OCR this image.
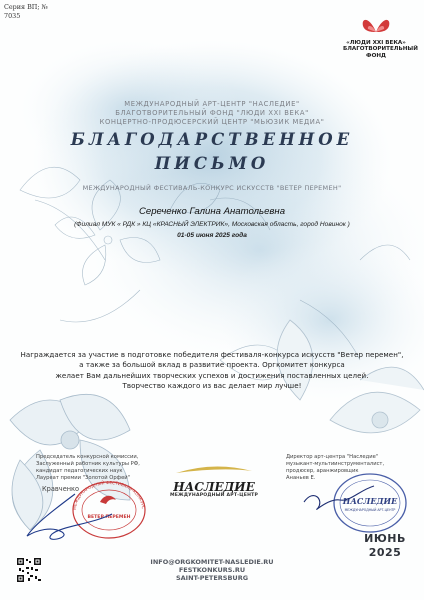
Серия ВП; №
7035
«ЛЮДИ XXI ВЕКА»
БЛАГОТВОРИТЕЛЬНЫЙ
ФОНД
МЕЖДУНАРОДНЫЙ АРТ-ЦЕНТР "НАСЛЕДИЕ"
БЛАГОТВОРИТЕЛЬНЫЙ ФОНД "ЛЮДИ XXI ВЕКА"
КОНЦЕРТНО-ПРОДЮСЕРСКИЙ ЦЕНТР "МЬЮЗИК МЕДИА"
БЛАГОДАРСТВЕННОЕ
ПИСЬМО
МЕЖДУНАРОДНЫЙ ФЕСТИВАЛЬ-КОНКУРС ИСКУССТВ "ВЕТЕР ПЕРЕМЕН"
Сереченко Галина Анатольевна
(Филиал МУК « РДК » КЦ «КРАСНЫЙ ЭЛЕКТРИК», Московская область, город Новинок )
01-05 июня 2025 года
Награждается за участие в подготовке победителя фестиваля-конкурса искусств "Ветер перемен",
а также за большой вклад в развитие проекта. Оргкомитет конкурса
желает Вам дальнейших творческих успехов и достижения поставленных целей.
Творчество каждого из вас делает мир лучше!
Председатель конкурсной комиссии,
Заслуженный работник культуры РФ,
кандидат педагогических наук
Лауреат премии "Золотой Орфей"
Кравченко
МЕЖДУНАРОДНЫЙ ФЕСТИВАЛЬ-КОНКУРС
ВЕТЕР ПЕРЕМЕН
НАСЛЕДИЕ
МЕЖДУНАРОДНЫЙ АРТ-ЦЕНТР
Директор арт-центра "Наследие"
музыкант-мультиинструменталист,
продюсер, аранжировщик
Ананьев Е.
НАСЛЕДИЕ
МЕЖДУНАРОДНЫЙ АРТ-ЦЕНТР
ИЮНЬ
2025
INFO@ORGKOMITET-NASLEDIE.RU
FESTKONKURS.RU
SAINT-PETERSBURG
